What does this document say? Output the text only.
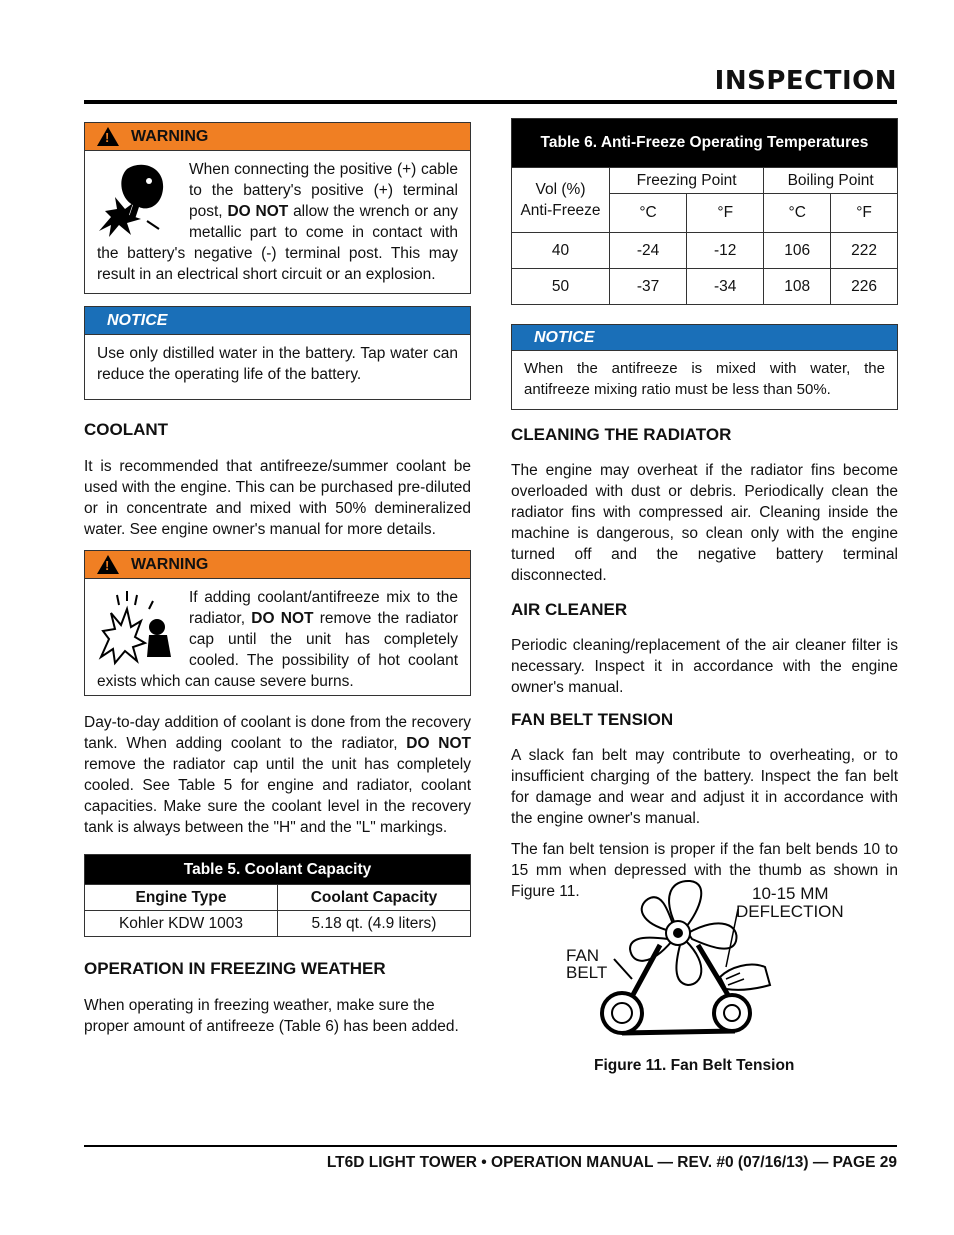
INSPECTION
!
WARNING
When connecting the positive (+) cable to the battery's positive (+) terminal post, DO NOT allow the wrench or any metallic part to come in contact with the battery's negative (-) terminal post. This may result in an electrical short circuit or an explosion.
NOTICE
Use only distilled water in the battery. Tap water can reduce the operating life of the battery.
COOLANT
It is recommended that antifreeze/summer coolant be used with the engine. This can be purchased pre-diluted or in concentrate and mixed with 50% demineralized water. See engine owner's manual for more details.
!
WARNING
If adding coolant/antifreeze mix to the radiator, DO NOT remove the radiator cap until the unit has completely cooled. The possibility of hot coolant exists which can cause severe burns.
Day-to-day addition of coolant is done from the recovery tank. When adding coolant to the radiator, DO NOT remove the radiator cap until the unit has completely cooled. See Table 5 for engine and radiator, coolant capacities. Make sure the coolant level in the recovery tank is always between the "H" and the "L" markings.
Table 5. Coolant Capacity	
Engine Type	Coolant Capacity
Kohler KDW 1003	5.18 qt. (4.9 liters)
OPERATION IN FREEZING WEATHER
When operating in freezing weather, make sure the proper amount of antifreeze (Table 6) has been added.
Table 6. Anti-Freeze Operating Temperatures				

Vol (%)
Anti-Freeze	Freezing Point		Boiling Point	
	°C	°F	°C	°F
40	-24	-12	106	222
50	-37	-34	108	226
NOTICE
When the antifreeze is mixed with water, the antifreeze mixing ratio must be less than 50%.
CLEANING THE RADIATOR
The engine may overheat if the radiator fins become overloaded with dust or debris. Periodically clean the radiator fins with compressed air. Cleaning inside the machine is dangerous, so clean only with the engine turned off and the negative battery terminal disconnected.
AIR CLEANER
Periodic cleaning/replacement of the air cleaner filter is necessary. Inspect it in accordance with the engine owner's manual.
FAN BELT TENSION
A slack fan belt may contribute to overheating, or to insufficient charging of the battery. Inspect the fan belt for damage and wear and adjust it in accordance with the engine owner's manual.
The fan belt tension is proper if the fan belt bends 10 to 15 mm when depressed with the thumb as shown in Figure 11.	10-15 MM
DEFLECTION
FAN
BELT
Figure 11. Fan Belt Tension
LT6D LIGHT TOWER • OPERATION MANUAL — REV. #0 (07/16/13) — PAGE 29
